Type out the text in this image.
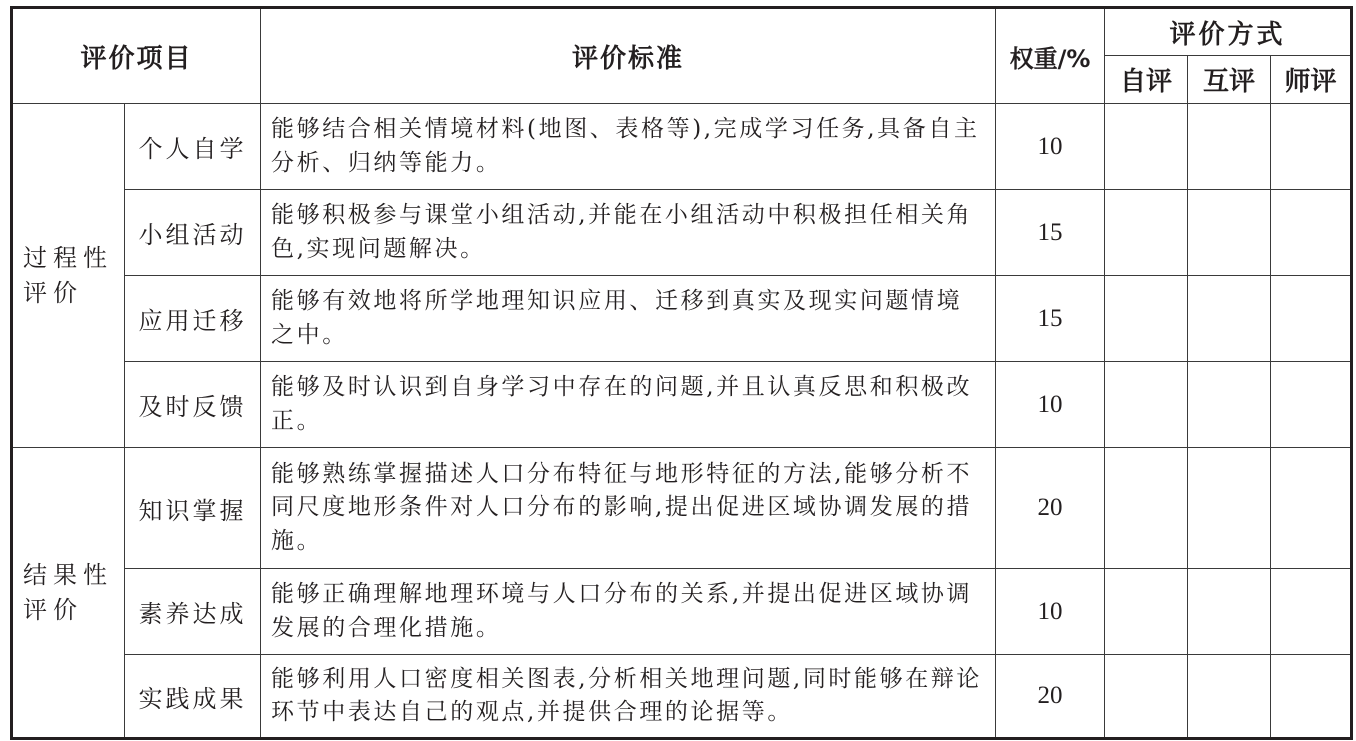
评价项目		评价标准	权重/%	评价方式		
				自评	互评	师评
过程性评价	个人自学	能够结合相关情境材料(地图、表格等),完成学习任务,具备自主分析、归纳等能力。	10			
	小组活动	能够积极参与课堂小组活动,并能在小组活动中积极担任相关角色,实现问题解决。	15			
	应用迁移	能够有效地将所学地理知识应用、迁移到真实及现实问题情境之中。	15			
	及时反馈	能够及时认识到自身学习中存在的问题,并且认真反思和积极改正。	10			
结果性评价	知识掌握	能够熟练掌握描述人口分布特征与地形特征的方法,能够分析不同尺度地形条件对人口分布的影响,提出促进区域协调发展的措施。	20			
	素养达成	能够正确理解地理环境与人口分布的关系,并提出促进区域协调发展的合理化措施。	10			
	实践成果	能够利用人口密度相关图表,分析相关地理问题,同时能够在辩论环节中表达自己的观点,并提供合理的论据等。	20			
